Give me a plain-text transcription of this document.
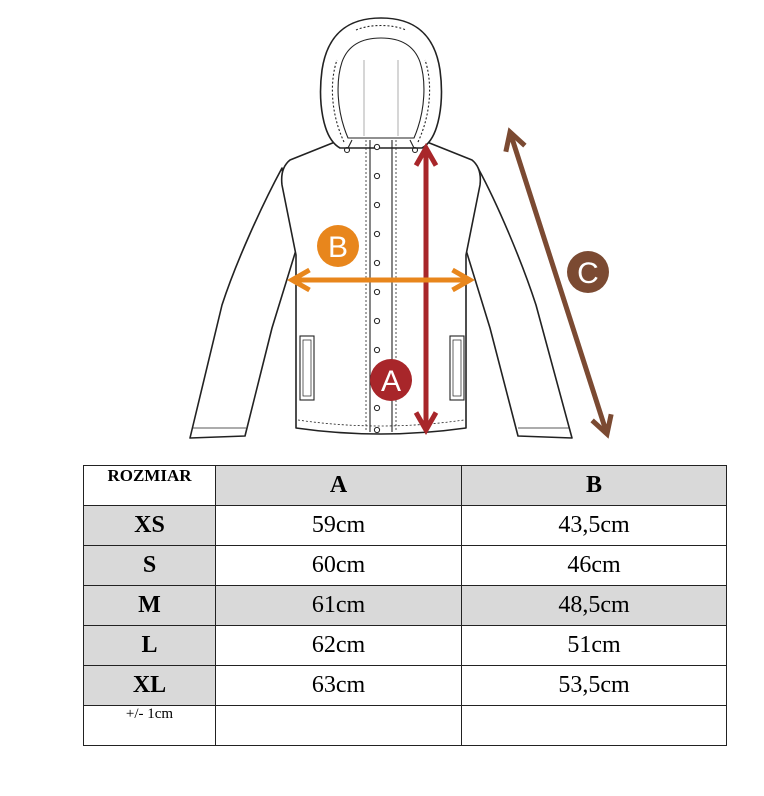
A
B
C
ROZMIAR	A	B
XS	59cm	43,5cm
S	60cm	46cm
M	61cm	48,5cm
L	62cm	51cm
XL	63cm	53,5cm
+/- 1cm		
